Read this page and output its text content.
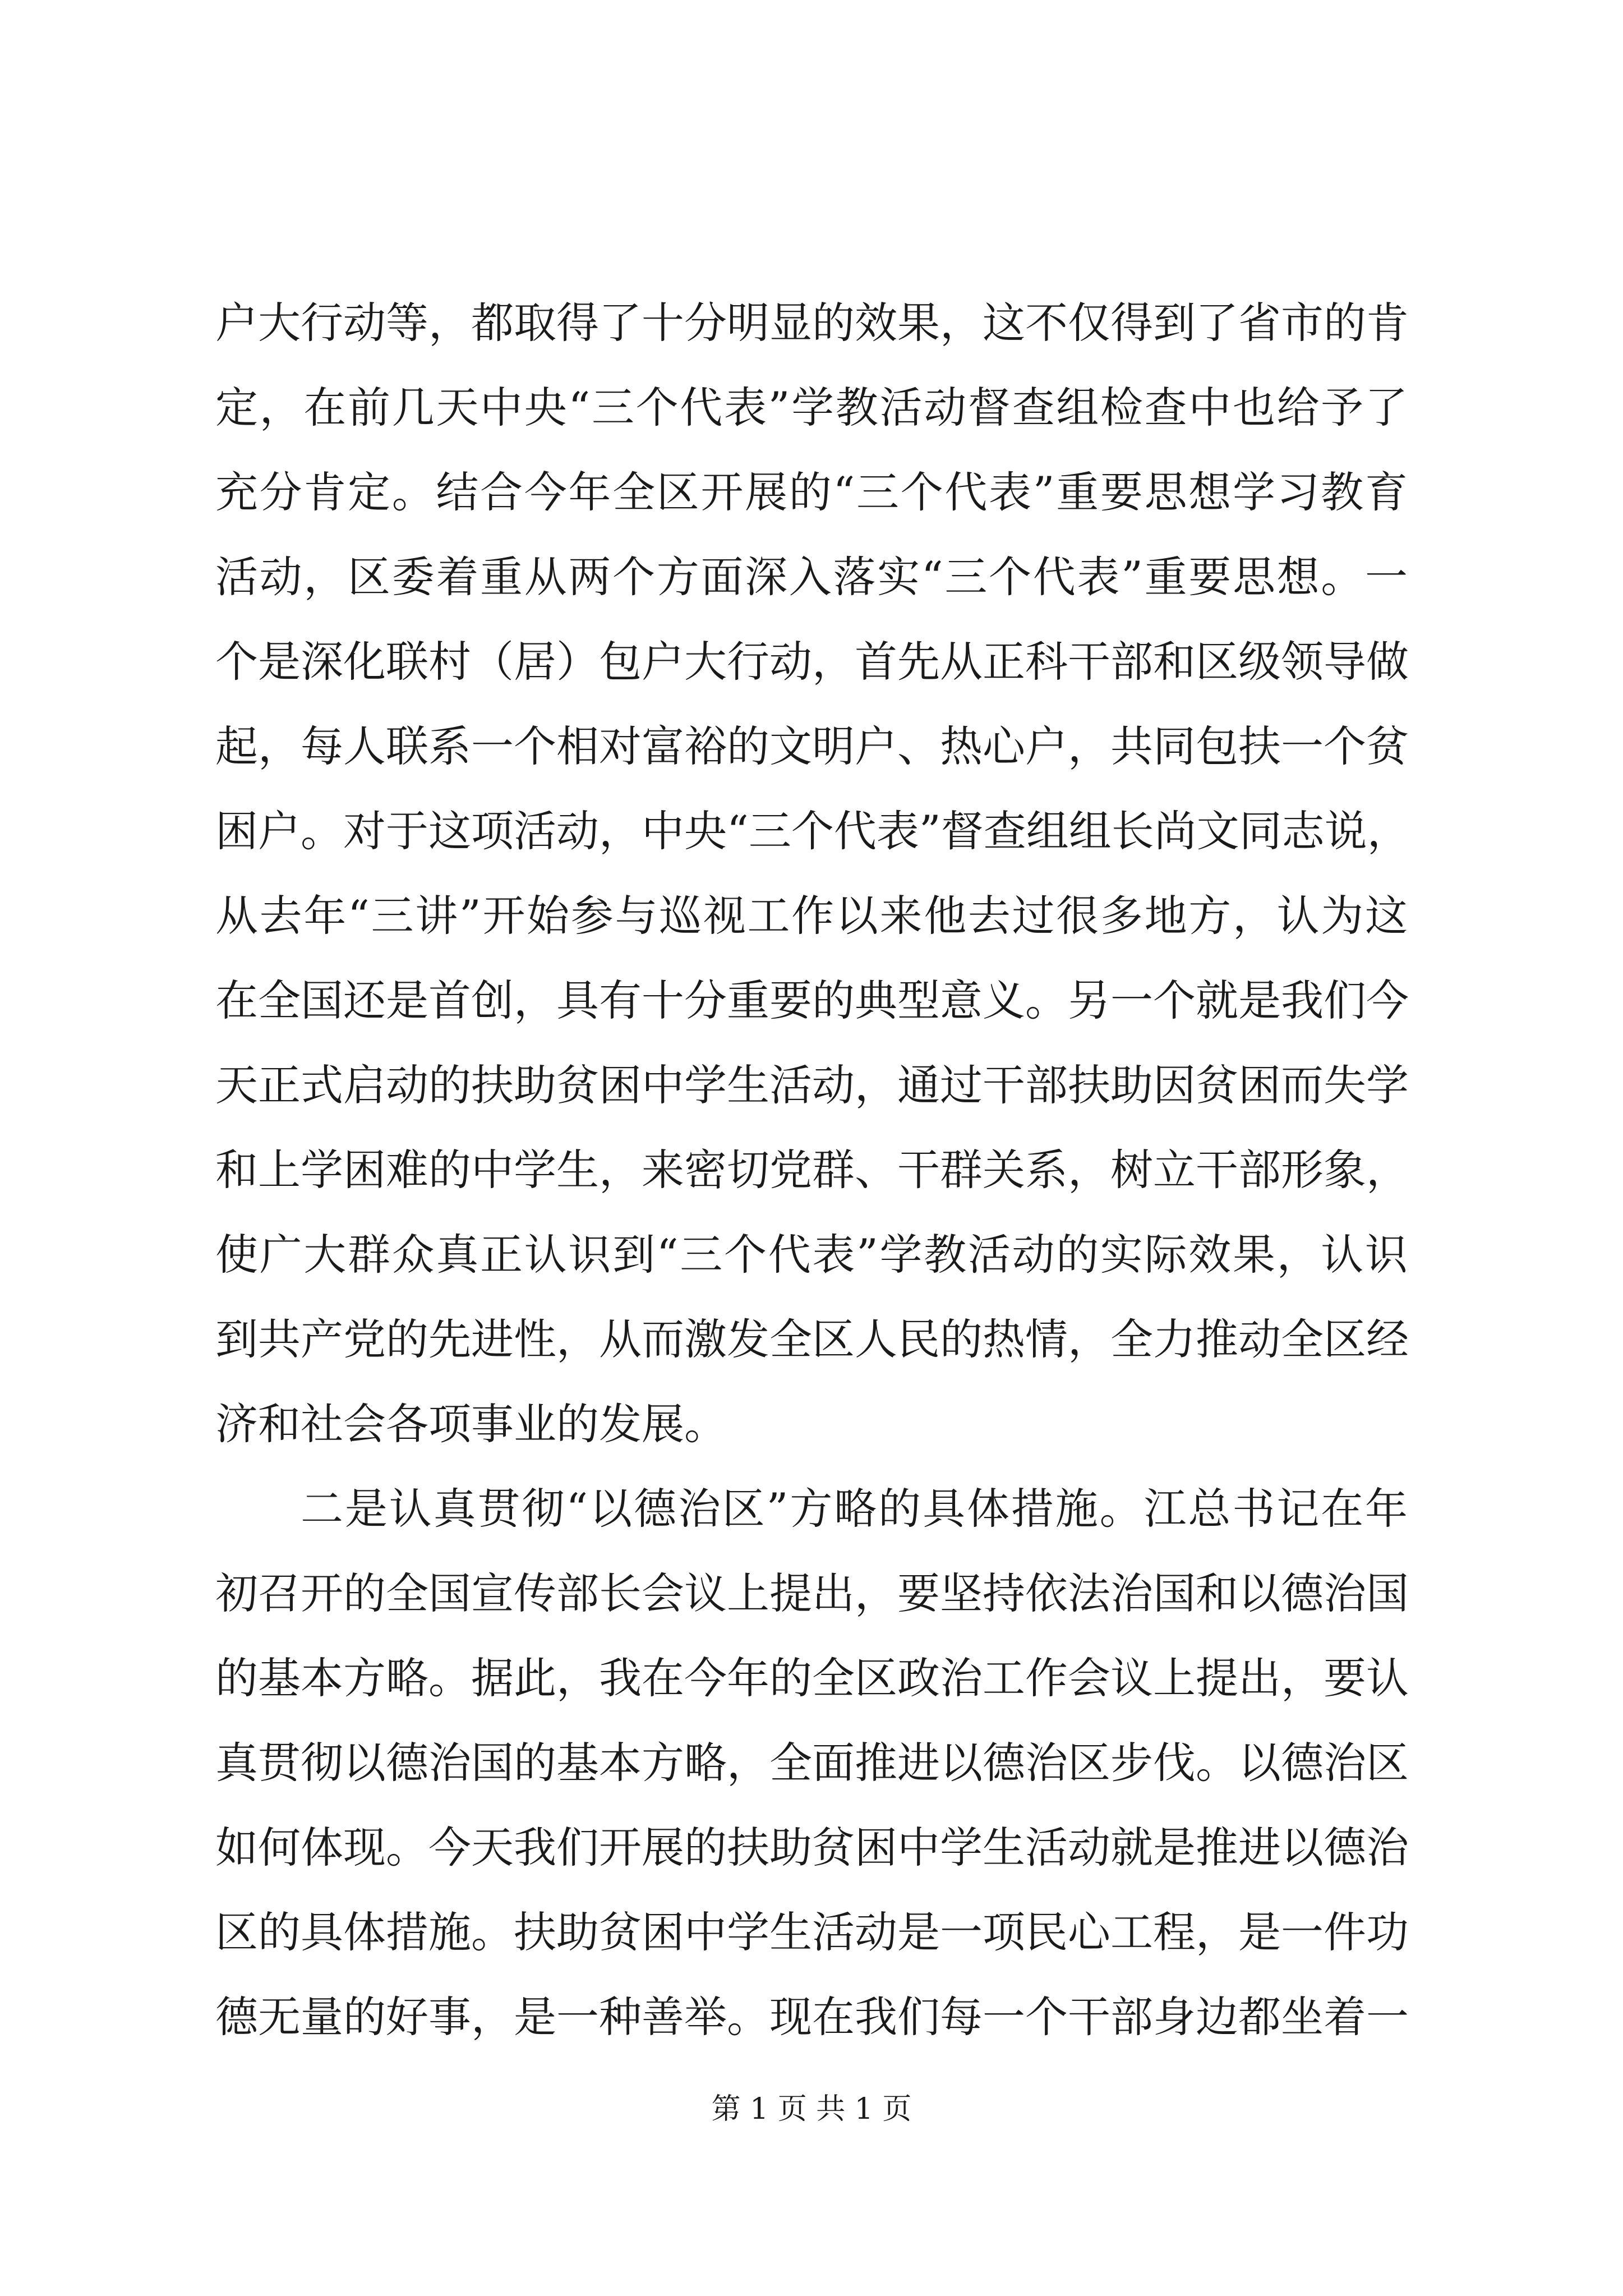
户大行动等，都取得了十分明显的效果，这不仅得到了省市的肯
定，在前几天中央“三个代表”学教活动督查组检查中也给予了
充分肯定。结合今年全区开展的“三个代表”重要思想学习教育
活动，区委着重从两个方面深入落实“三个代表”重要思想。一
个是深化联村（居）包户大行动，首先从正科干部和区级领导做
起，每人联系一个相对富裕的文明户、热心户，共同包扶一个贫
困户。对于这项活动，中央“三个代表”督查组组长尚文同志说，
从去年“三讲”开始参与巡视工作以来他去过很多地方，认为这
在全国还是首创，具有十分重要的典型意义。另一个就是我们今
天正式启动的扶助贫困中学生活动，通过干部扶助因贫困而失学
和上学困难的中学生，来密切党群、干群关系，树立干部形象，
使广大群众真正认识到“三个代表”学教活动的实际效果，认识
到共产党的先进性，从而激发全区人民的热情，全力推动全区经
济和社会各项事业的发展。
二是认真贯彻“以德治区”方略的具体措施。江总书记在年
初召开的全国宣传部长会议上提出，要坚持依法治国和以德治国
的基本方略。据此，我在今年的全区政治工作会议上提出，要认
真贯彻以德治国的基本方略，全面推进以德治区步伐。以德治区
如何体现。今天我们开展的扶助贫困中学生活动就是推进以德治
区的具体措施。扶助贫困中学生活动是一项民心工程，是一件功
德无量的好事，是一种善举。现在我们每一个干部身边都坐着一
第 1 页 共 1 页
